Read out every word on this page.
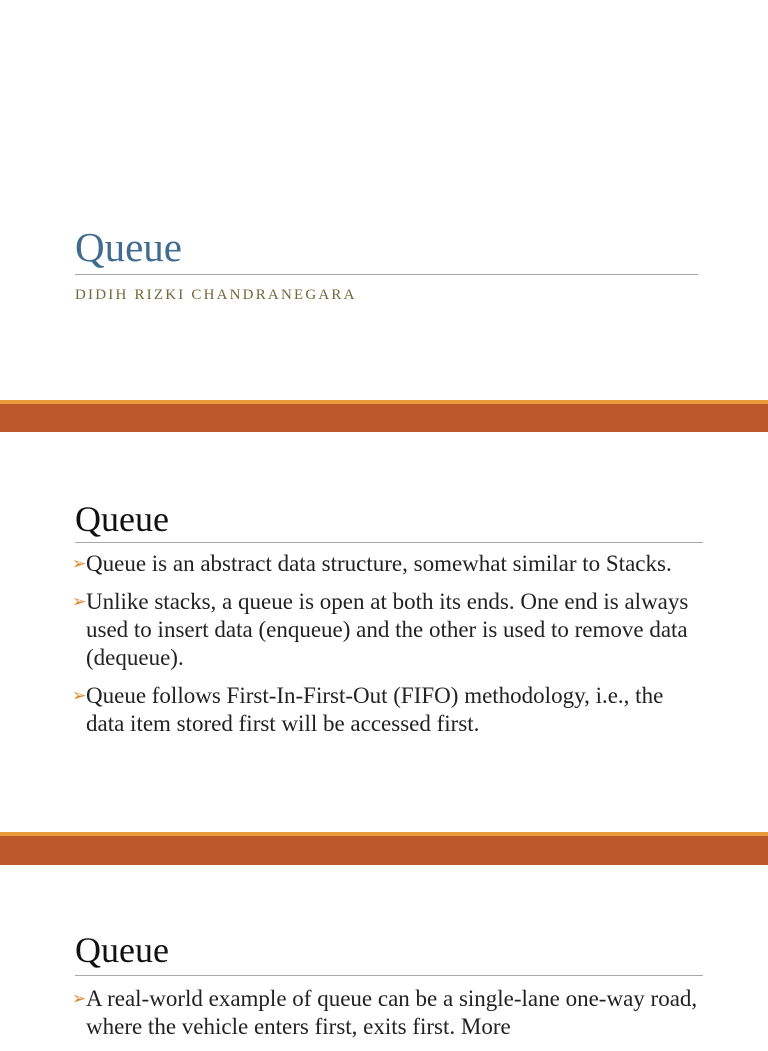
Queue
DIDIH RIZKI CHANDRANEGARA
Queue
➢ Queue is an abstract data structure, somewhat similar to Stacks.
➢ Unlike stacks, a queue is open at both its ends. One end is always used to insert data (enqueue) and the other is used to remove data (dequeue).
➢ Queue follows First-In-First-Out (FIFO) methodology, i.e., the data item stored first will be accessed first.
Queue
➢ A real-world example of queue can be a single-lane one-way road, where the vehicle enters first, exits first. More
